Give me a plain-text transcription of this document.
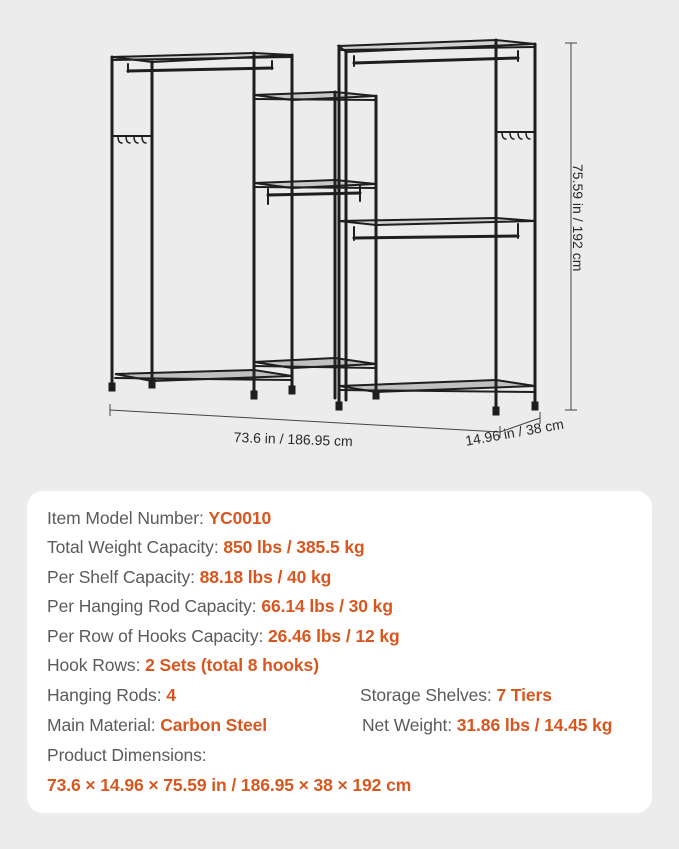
73.6 in / 186.95 cm	14.96 in / 38 cm
75.59 in / 192 cm
Item Model Number: YC0010
Total Weight Capacity: 850 lbs / 385.5 kg
Per Shelf Capacity: 88.18 lbs / 40 kg
Per Hanging Rod Capacity: 66.14 lbs / 30 kg
Per Row of Hooks Capacity: 26.46 lbs / 12 kg
Hook Rows: 2 Sets (total 8 hooks)
Hanging Rods: 4	Storage Shelves: 7 Tiers
Main Material: Carbon Steel	Net Weight: 31.86 lbs / 14.45 kg
Product Dimensions:
73.6 × 14.96 × 75.59 in / 186.95 × 38 × 192 cm
